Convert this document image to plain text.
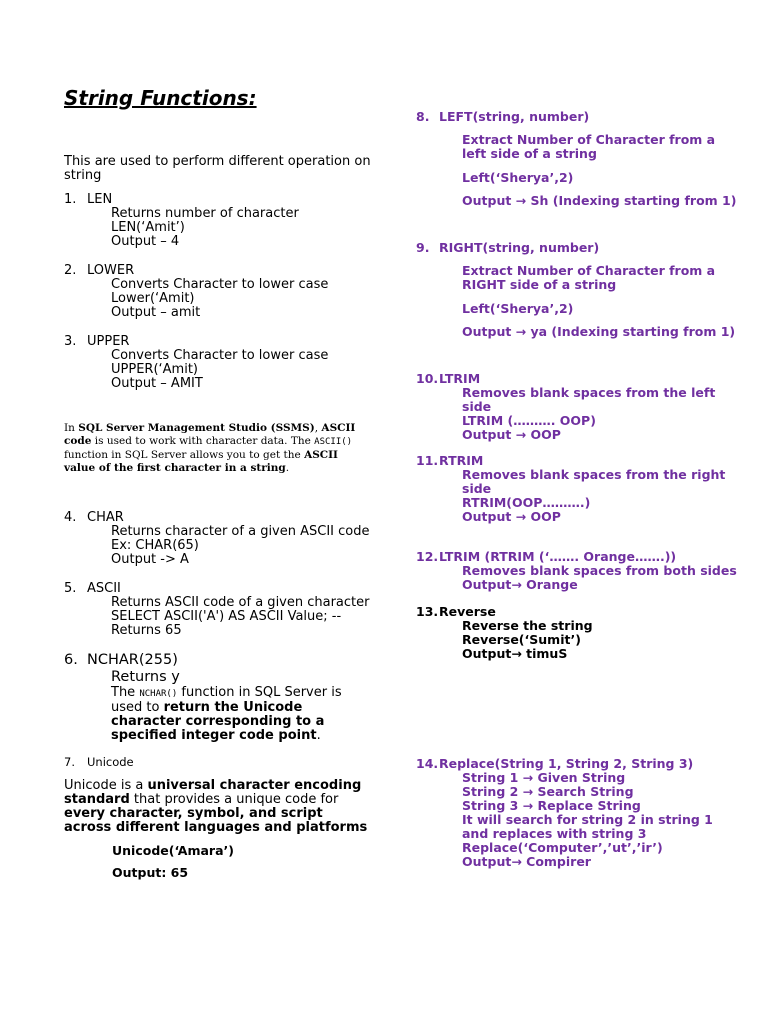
String Functions:
This are used to perform different operation on
string
1. LEN
Returns number of character
LEN(‘Amit’)
Output – 4
2. LOWER
Converts Character to lower case
Lower(‘Amit)
Output – amit
3. UPPER
Converts Character to lower case
UPPER(‘Amit)
Output – AMIT
In SQL Server Management Studio (SSMS), ASCII code is used to work with character data. The ASCII() function in SQL Server allows you to get the ASCII value of the first character in a string.
4. CHAR
Returns character of a given ASCII code
Ex: CHAR(65)
Output -> A
5. ASCII
Returns ASCII code of a given character
SELECT ASCII('A') AS ASCII Value; --
Returns 65
6. NCHAR(255)
Returns y
The NCHAR() function in SQL Server is used to return the Unicode character corresponding to a specified integer code point.
7. Unicode
Unicode is a universal character encoding standard that provides a unique code for every character, symbol, and script across different languages and platforms
Unicode(‘Amara’)
Output: 65
8. LEFT(string, number)
Extract Number of Character from a
left side of a string
Left(‘Sherya’,2)
Output → Sh (Indexing starting from 1)
9. RIGHT(string, number)
Extract Number of Character from a
RIGHT side of a string
Left(‘Sherya’,2)
Output → ya (Indexing starting from 1)
10.LTRIM
Removes blank spaces from the left
side
LTRIM (………. OOP)
Output → OOP
11.RTRIM
Removes blank spaces from the right
side
RTRIM(OOP……….)
Output → OOP
12.LTRIM (RTRIM (‘……. Orange…….))
Removes blank spaces from both sides
Output→ Orange
13.Reverse
Reverse the string
Reverse(‘Sumit’)
Output→ timuS
14.Replace(String 1, String 2, String 3)
String 1 → Given String
String 2 → Search String
String 3 → Replace String
It will search for string 2 in string 1
and replaces with string 3
Replace(‘Computer’,’ut’,’ir’)
Output→ Compirer
